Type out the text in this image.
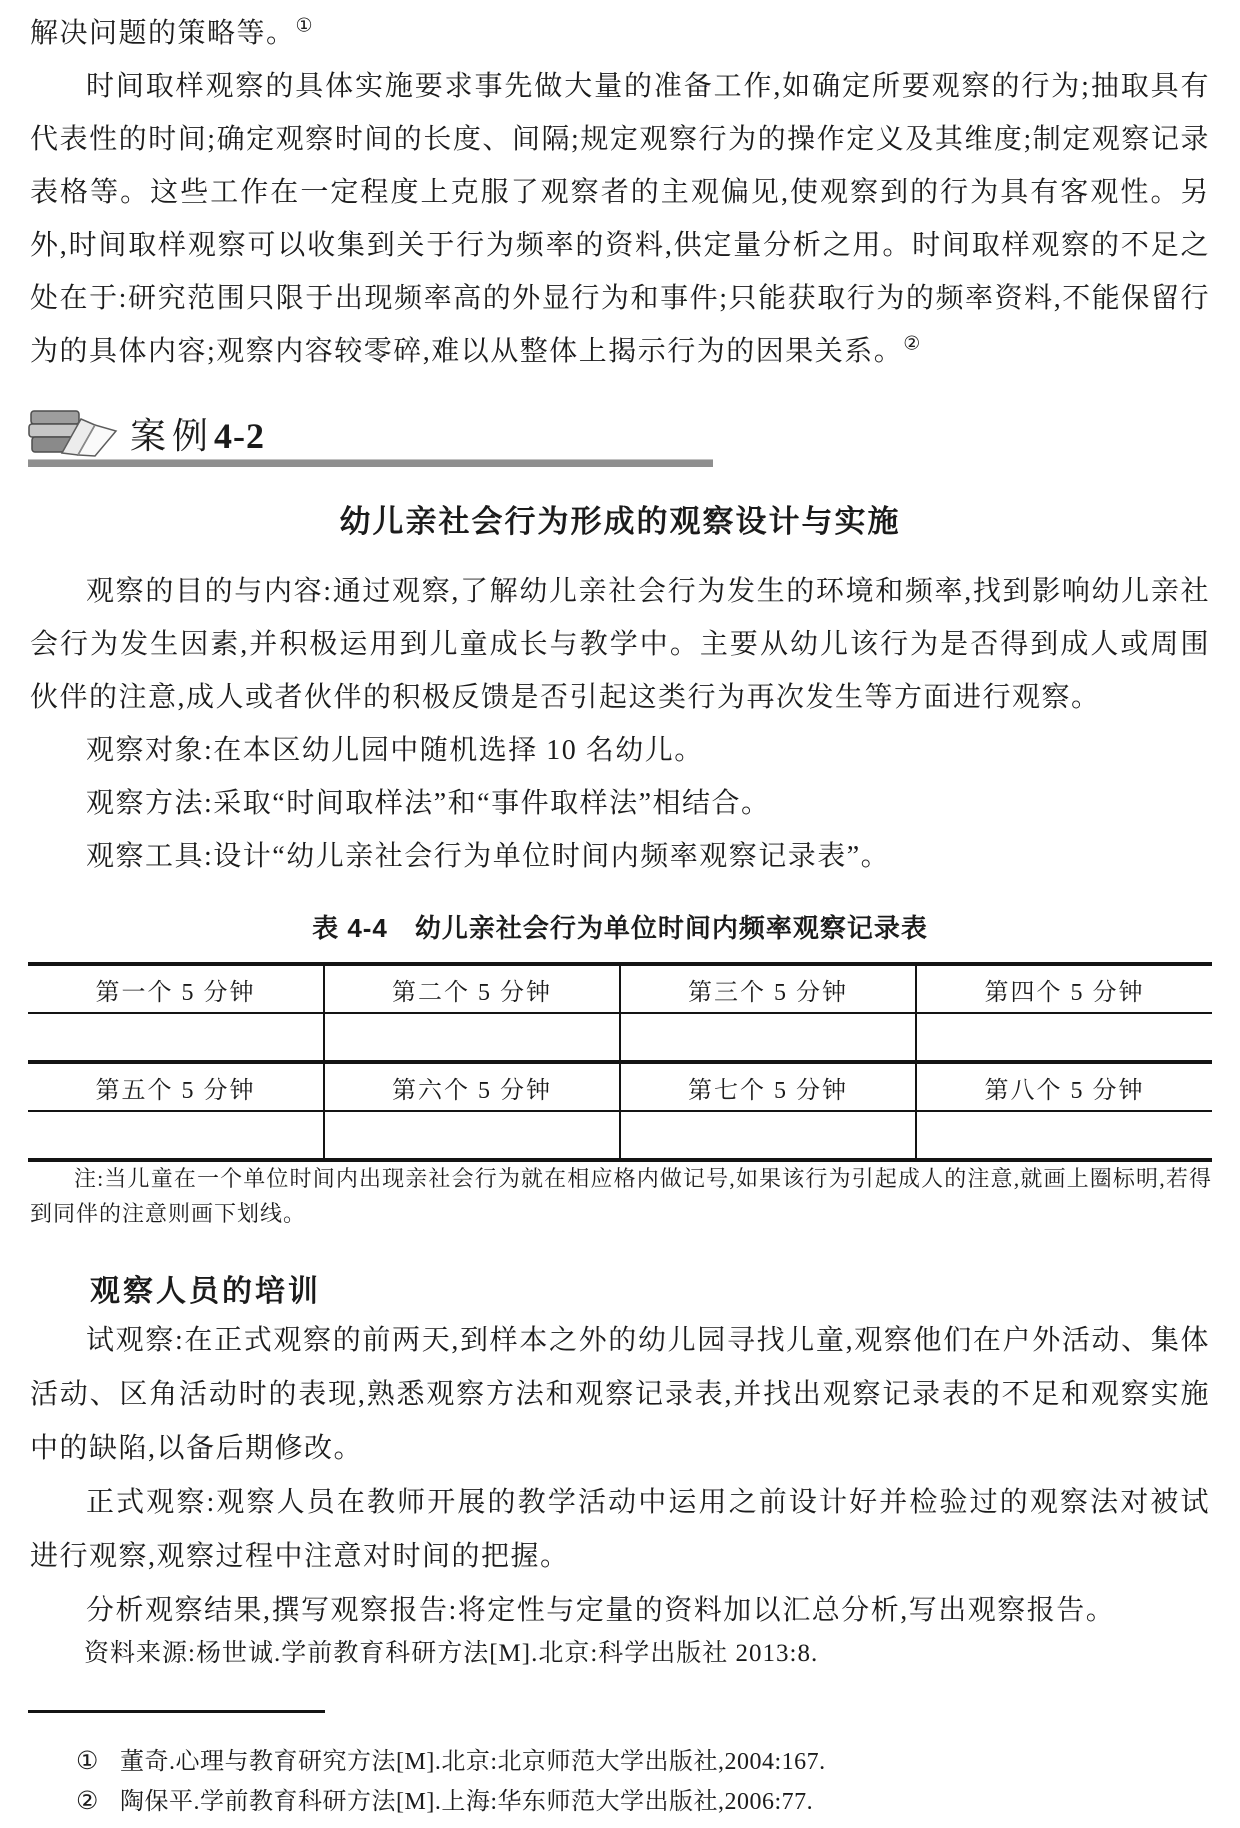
解决问题的策略等。①

时间取样观察的具体实施要求事先做大量的准备工作,如确定所要观察的行为;抽取具有代表性的时间;确定观察时间的长度、间隔;规定观察行为的操作定义及其维度;制定观察记录表格等。这些工作在一定程度上克服了观察者的主观偏见,使观察到的行为具有客观性。另外,时间取样观察可以收集到关于行为频率的资料,供定量分析之用。时间取样观察的不足之处在于:研究范围只限于出现频率高的外显行为和事件;只能获取行为的频率资料,不能保留行为的具体内容;观察内容较零碎,难以从整体上揭示行为的因果关系。②

案例 4-2
幼儿亲社会行为形成的观察设计与实施

观察的目的与内容:通过观察,了解幼儿亲社会行为发生的环境和频率,找到影响幼儿亲社会行为发生因素,并积极运用到儿童成长与教学中。主要从幼儿该行为是否得到成人或周围伙伴的注意,成人或者伙伴的积极反馈是否引起这类行为再次发生等方面进行观察。

观察对象:在本区幼儿园中随机选择 10 名幼儿。

观察方法:采取“时间取样法”和“事件取样法”相结合。

观察工具:设计“幼儿亲社会行为单位时间内频率观察记录表”。

表 4-4　幼儿亲社会行为单位时间内频率观察记录表
第一个 5 分钟	第二个 5 分钟	第三个 5 分钟	第四个 5 分钟

第五个 5 分钟	第六个 5 分钟	第七个 5 分钟	第八个 5 分钟

注:当儿童在一个单位时间内出现亲社会行为就在相应格内做记号,如果该行为引起成人的注意,就画上圈标明,若得到同伴的注意则画下划线。
观察人员的培训

试观察:在正式观察的前两天,到样本之外的幼儿园寻找儿童,观察他们在户外活动、集体活动、区角活动时的表现,熟悉观察方法和观察记录表,并找出观察记录表的不足和观察实施中的缺陷,以备后期修改。

正式观察:观察人员在教师开展的教学活动中运用之前设计好并检验过的观察法对被试进行观察,观察过程中注意对时间的把握。

分析观察结果,撰写观察报告:将定性与定量的资料加以汇总分析,写出观察报告。

资料来源:杨世诚.学前教育科研方法[M].北京:科学出版社 2013:8.

① 董奇.心理与教育研究方法[M].北京:北京师范大学出版社,2004:167.

② 陶保平.学前教育科研方法[M].上海:华东师范大学出版社,2006:77.
